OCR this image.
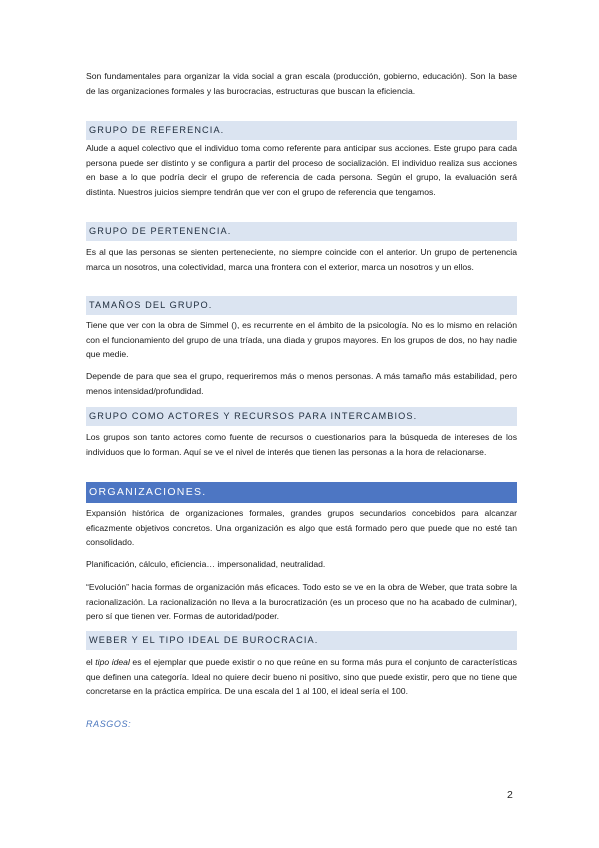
Son fundamentales para organizar la vida social a gran escala (producción, gobierno, educación). Son la base de las organizaciones formales y las burocracias, estructuras que buscan la eficiencia.

GRUPO DE REFERENCIA.

Alude a aquel colectivo que el individuo toma como referente para anticipar sus acciones. Este grupo para cada persona puede ser distinto y se configura a partir del proceso de socialización. El individuo realiza sus acciones en base a lo que podría decir el grupo de referencia de cada persona. Según el grupo, la evaluación será distinta. Nuestros juicios siempre tendrán que ver con el grupo de referencia que tengamos.

GRUPO DE PERTENENCIA.

Es al que las personas se sienten perteneciente, no siempre coincide con el anterior. Un grupo de pertenencia marca un nosotros, una colectividad, marca una frontera con el exterior, marca un nosotros y un ellos.

TAMAÑOS DEL GRUPO.

Tiene que ver con la obra de Simmel (), es recurrente en el ámbito de la psicología. No es lo mismo en relación con el funcionamiento del grupo de una tríada, una diada y grupos mayores. En los grupos de dos, no hay nadie que medie.

Depende de para que sea el grupo, requeriremos más o menos personas. A más tamaño más estabilidad, pero menos intensidad/profundidad.

GRUPO COMO ACTORES Y RECURSOS PARA INTERCAMBIOS.

Los grupos son tanto actores como fuente de recursos o cuestionarios para la búsqueda de intereses de los individuos que lo forman. Aquí se ve el nivel de interés que tienen las personas a la hora de relacionarse.

ORGANIZACIONES.

Expansión histórica de organizaciones formales, grandes grupos secundarios concebidos para alcanzar eficazmente objetivos concretos. Una organización es algo que está formado pero que puede que no esté tan consolidado.

Planificación, cálculo, eficiencia… impersonalidad, neutralidad.

“Evolución” hacia formas de organización más eficaces. Todo esto se ve en la obra de Weber, que trata sobre la racionalización. La racionalización no lleva a la burocratización (es un proceso que no ha acabado de culminar), pero sí que tienen ver. Formas de autoridad/poder.

WEBER Y EL TIPO IDEAL DE BUROCRACIA.

el tipo ideal es el ejemplar que puede existir o no que reúne en su forma más pura el conjunto de características que definen una categoría. Ideal no quiere decir bueno ni positivo, sino que puede existir, pero que no tiene que concretarse en la práctica empírica. De una escala del 1 al 100, el ideal sería el 100.

RASGOS:
2
